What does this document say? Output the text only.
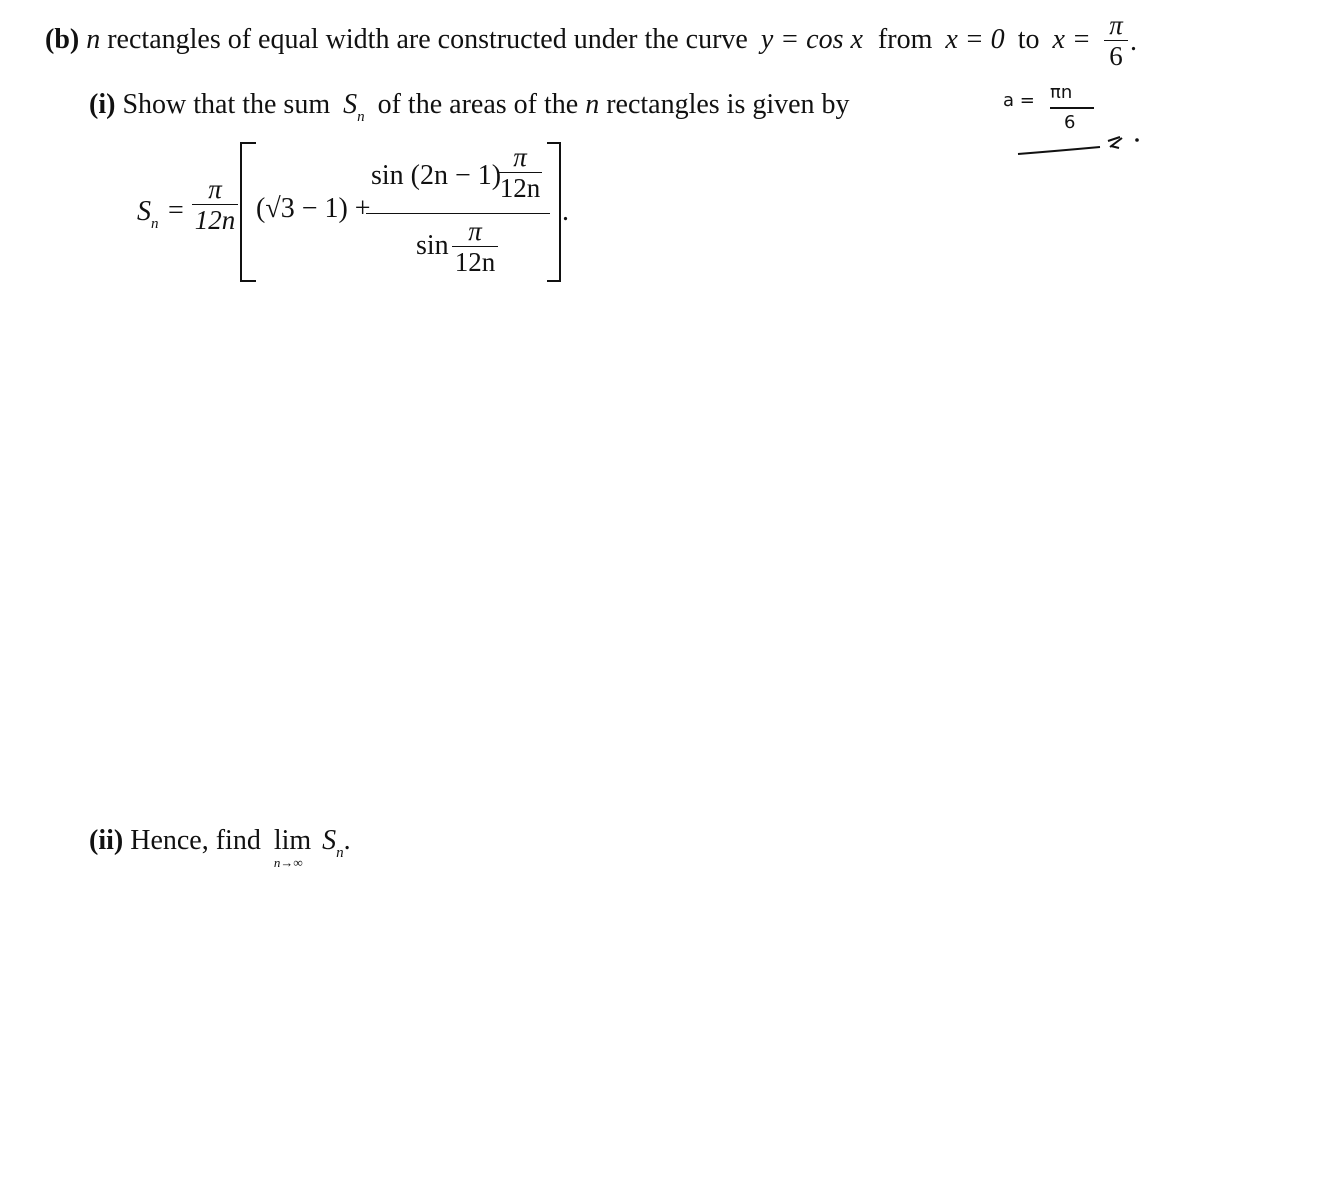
(b) n rectangles of equal width are constructed under the curve y = cos x from x = 0 to x = π
6 .
(i) Show that the sum $S_n$ of the areas of the n rectangles is given by
$S_n$ =
π
12n (√3 − 1) +
sin (2n − 1)
π
12n
sin π
12n
.
(ii) Hence, find lim
n→∞
$S_n$.
a = πn
6
